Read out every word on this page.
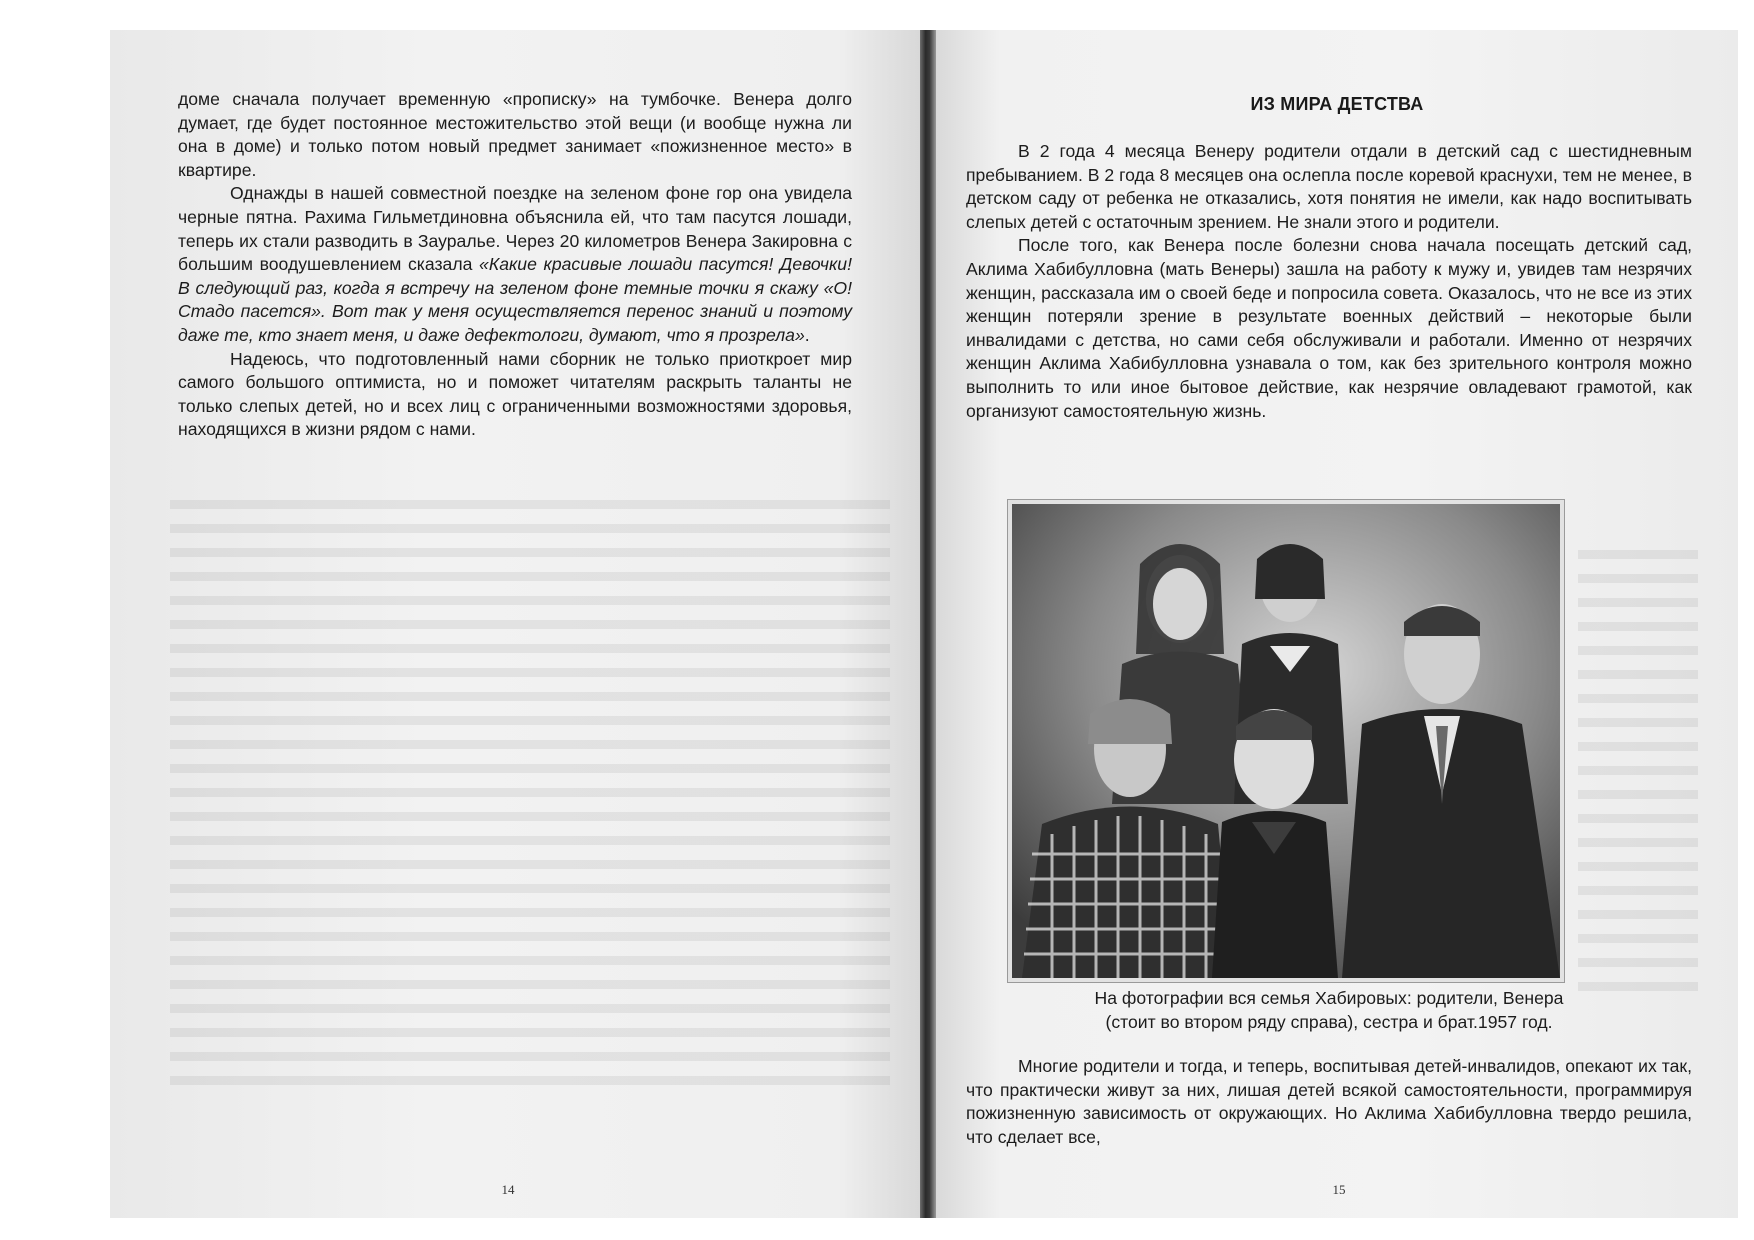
доме сначала получает временную «прописку» на тумбочке. Венера долго думает, где будет постоянное местожительство этой вещи (и вообще нужна ли она в доме) и только потом новый предмет занимает «пожизненное место» в квартире.

Однажды в нашей совместной поездке на зеленом фоне гор она увидела черные пятна. Рахима Гильметдиновна объяснила ей, что там пасутся лошади, теперь их стали разводить в Зауралье. Через 20 километров Венера Закировна с большим воодушевлением сказала «Какие красивые лошади пасутся! Девочки! В следующий раз, когда я встречу на зеленом фоне темные точки я скажу «О! Стадо пасется». Вот так у меня осуществляется перенос знаний и поэтому даже те, кто знает меня, и даже дефектологи, думают, что я прозрела».

Надеюсь, что подготовленный нами сборник не только приоткроет мир самого большого оптимиста, но и поможет читателям раскрыть таланты не только слепых детей, но и всех лиц с ограниченными возможностями здоровья, находящихся в жизни рядом с нами.

14
ИЗ МИРА ДЕТСТВА

В 2 года 4 месяца Венеру родители отдали в детский сад с шестидневным пребыванием. В 2 года 8 месяцев она ослепла после коревой краснухи, тем не менее, в детском саду от ребенка не отказались, хотя понятия не имели, как надо воспитывать слепых детей с остаточным зрением. Не знали этого и родители.

После того, как Венера после болезни снова начала посещать детский сад, Аклима Хабибулловна (мать Венеры) зашла на работу к мужу и, увидев там незрячих женщин, рассказала им о своей беде и попросила совета. Оказалось, что не все из этих женщин потеряли зрение в результате военных действий – некоторые были инвалидами с детства, но сами себя обслуживали и работали. Именно от незрячих женщин Аклима Хабибулловна узнавала о том, как без зрительного контроля можно выполнить то или иное бытовое действие, как незрячие овладевают грамотой, как организуют самостоятельную жизнь.

На фотографии вся семья Хабировых: родители, Венера
(стоит во втором ряду справа), сестра и брат.1957 год.

Многие родители и тогда, и теперь, воспитывая детей-инвалидов, опекают их так, что практически живут за них, лишая детей всякой самостоятельности, программируя пожизненную зависимость от окружающих. Но Аклима Хабибулловна твердо решила, что сделает все,

15
